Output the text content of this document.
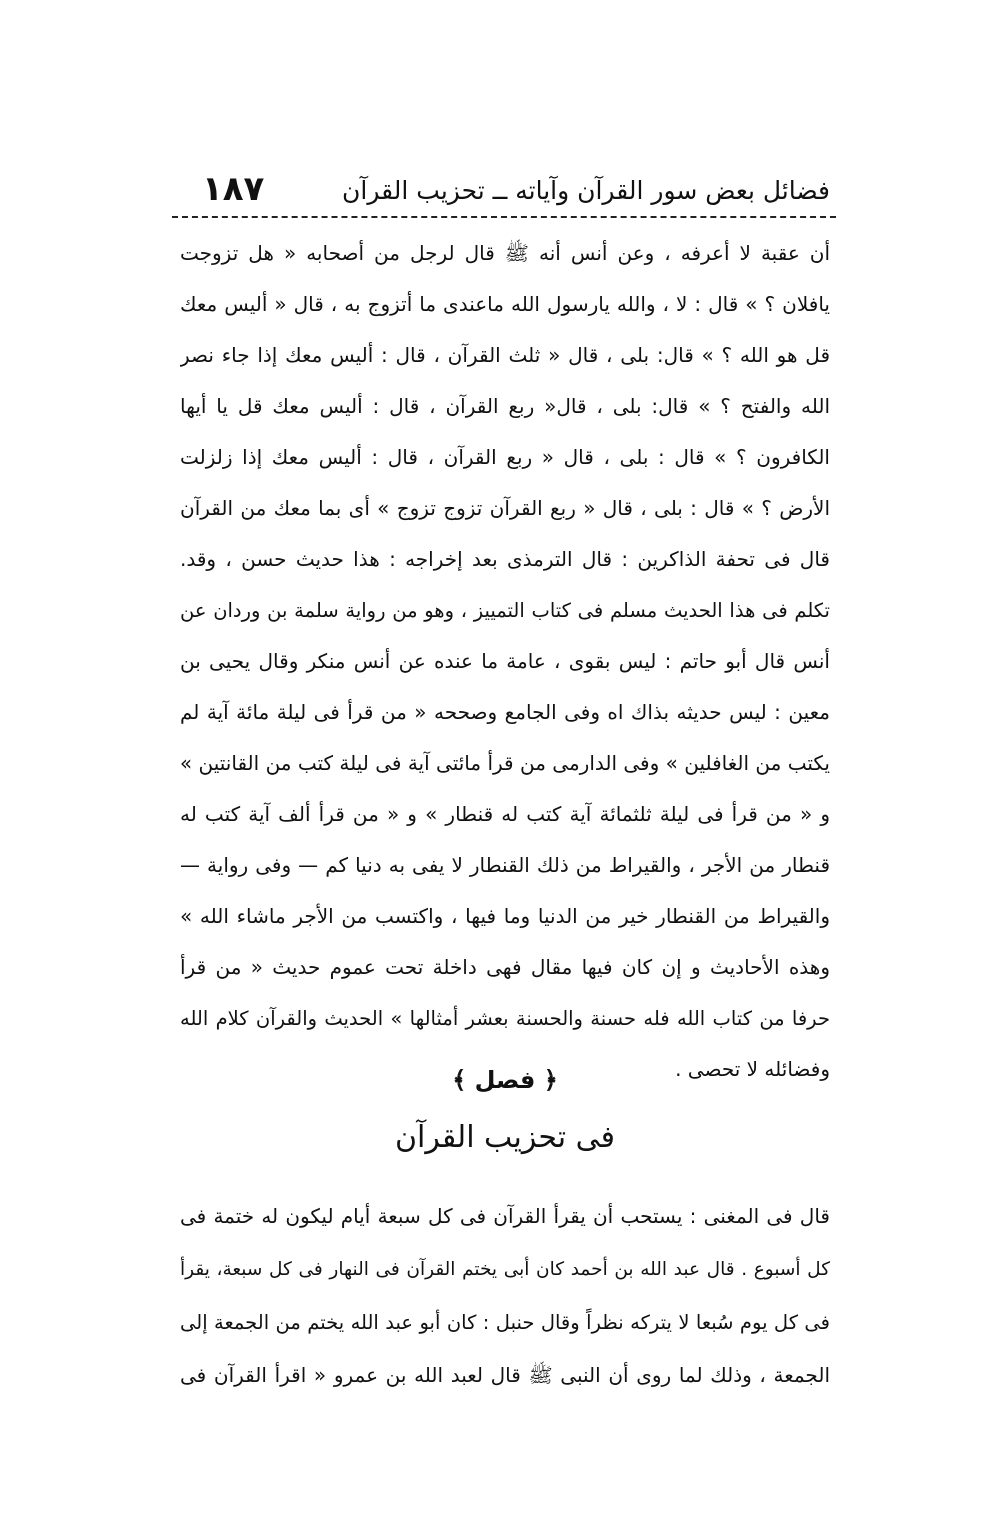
فضائل بعض سور القرآن وآياته ــ تحزيب القرآن
١٨٧
أن عقبة لا أعرفه ، وعن أنس أنه ﷺ قال لرجل من أصحابه « هل تزوجت
يافلان ؟ » قال : لا ، والله يارسول الله ماعندى ما أتزوج به ، قال « أليس معك
قل هو الله ؟ » قال: بلى ، قال « ثلث القرآن ، قال : أليس معك إذا جاء نصر
الله والفتح ؟ » قال: بلى ، قال« ربع القرآن ، قال : أليس معك قل يا أيها
الكافرون ؟ » قال : بلى ، قال « ربع القرآن ، قال : أليس معك إذا زلزلت
الأرض ؟ » قال : بلى ، قال « ربع القرآن تزوج تزوج » أى بما معك من القرآن
قال فى تحفة الذاكرين : قال الترمذى بعد إخراجه : هذا حديث حسن ، وقد.
تكلم فى هذا الحديث مسلم فى كتاب التمييز ، وهو من رواية سلمة بن وردان عن
أنس قال أبو حاتم : ليس بقوى ، عامة ما عنده عن أنس منكر وقال يحيى بن
معين : ليس حديثه بذاك اه وفى الجامع وصححه « من قرأ فى ليلة مائة آية لم
يكتب من الغافلين » وفى الدارمى من قرأ مائتى آية فى ليلة كتب من القانتين »
و « من قرأ فى ليلة ثلثمائة آية كتب له قنطار » و « من قرأ ألف آية كتب له
قنطار من الأجر ، والقيراط من ذلك القنطار لا يفى به دنيا كم — وفى رواية —
والقيراط من القنطار خير من الدنيا وما فيها ، واكتسب من الأجر ماشاء الله »
وهذه الأحاديث و إن كان فيها مقال فهى داخلة تحت عموم حديث « من قرأ
حرفا من كتاب الله فله حسنة والحسنة بعشر أمثالها » الحديث والقرآن كلام الله
وفضائله لا تحصى .
﴿ فصل ﴾
فى تحزيب القرآن
قال فى المغنى : يستحب أن يقرأ القرآن فى كل سبعة أيام ليكون له ختمة فى
كل أسبوع . قال عبد الله بن أحمد كان أبى يختم القرآن فى النهار فى كل سبعة، يقرأ
فى كل يوم سُبعا لا يتركه نظراً وقال حنبل : كان أبو عبد الله يختم من الجمعة إلى
الجمعة ، وذلك لما روى أن النبى ﷺ قال لعبد الله بن عمرو « اقرأ القرآن فى
